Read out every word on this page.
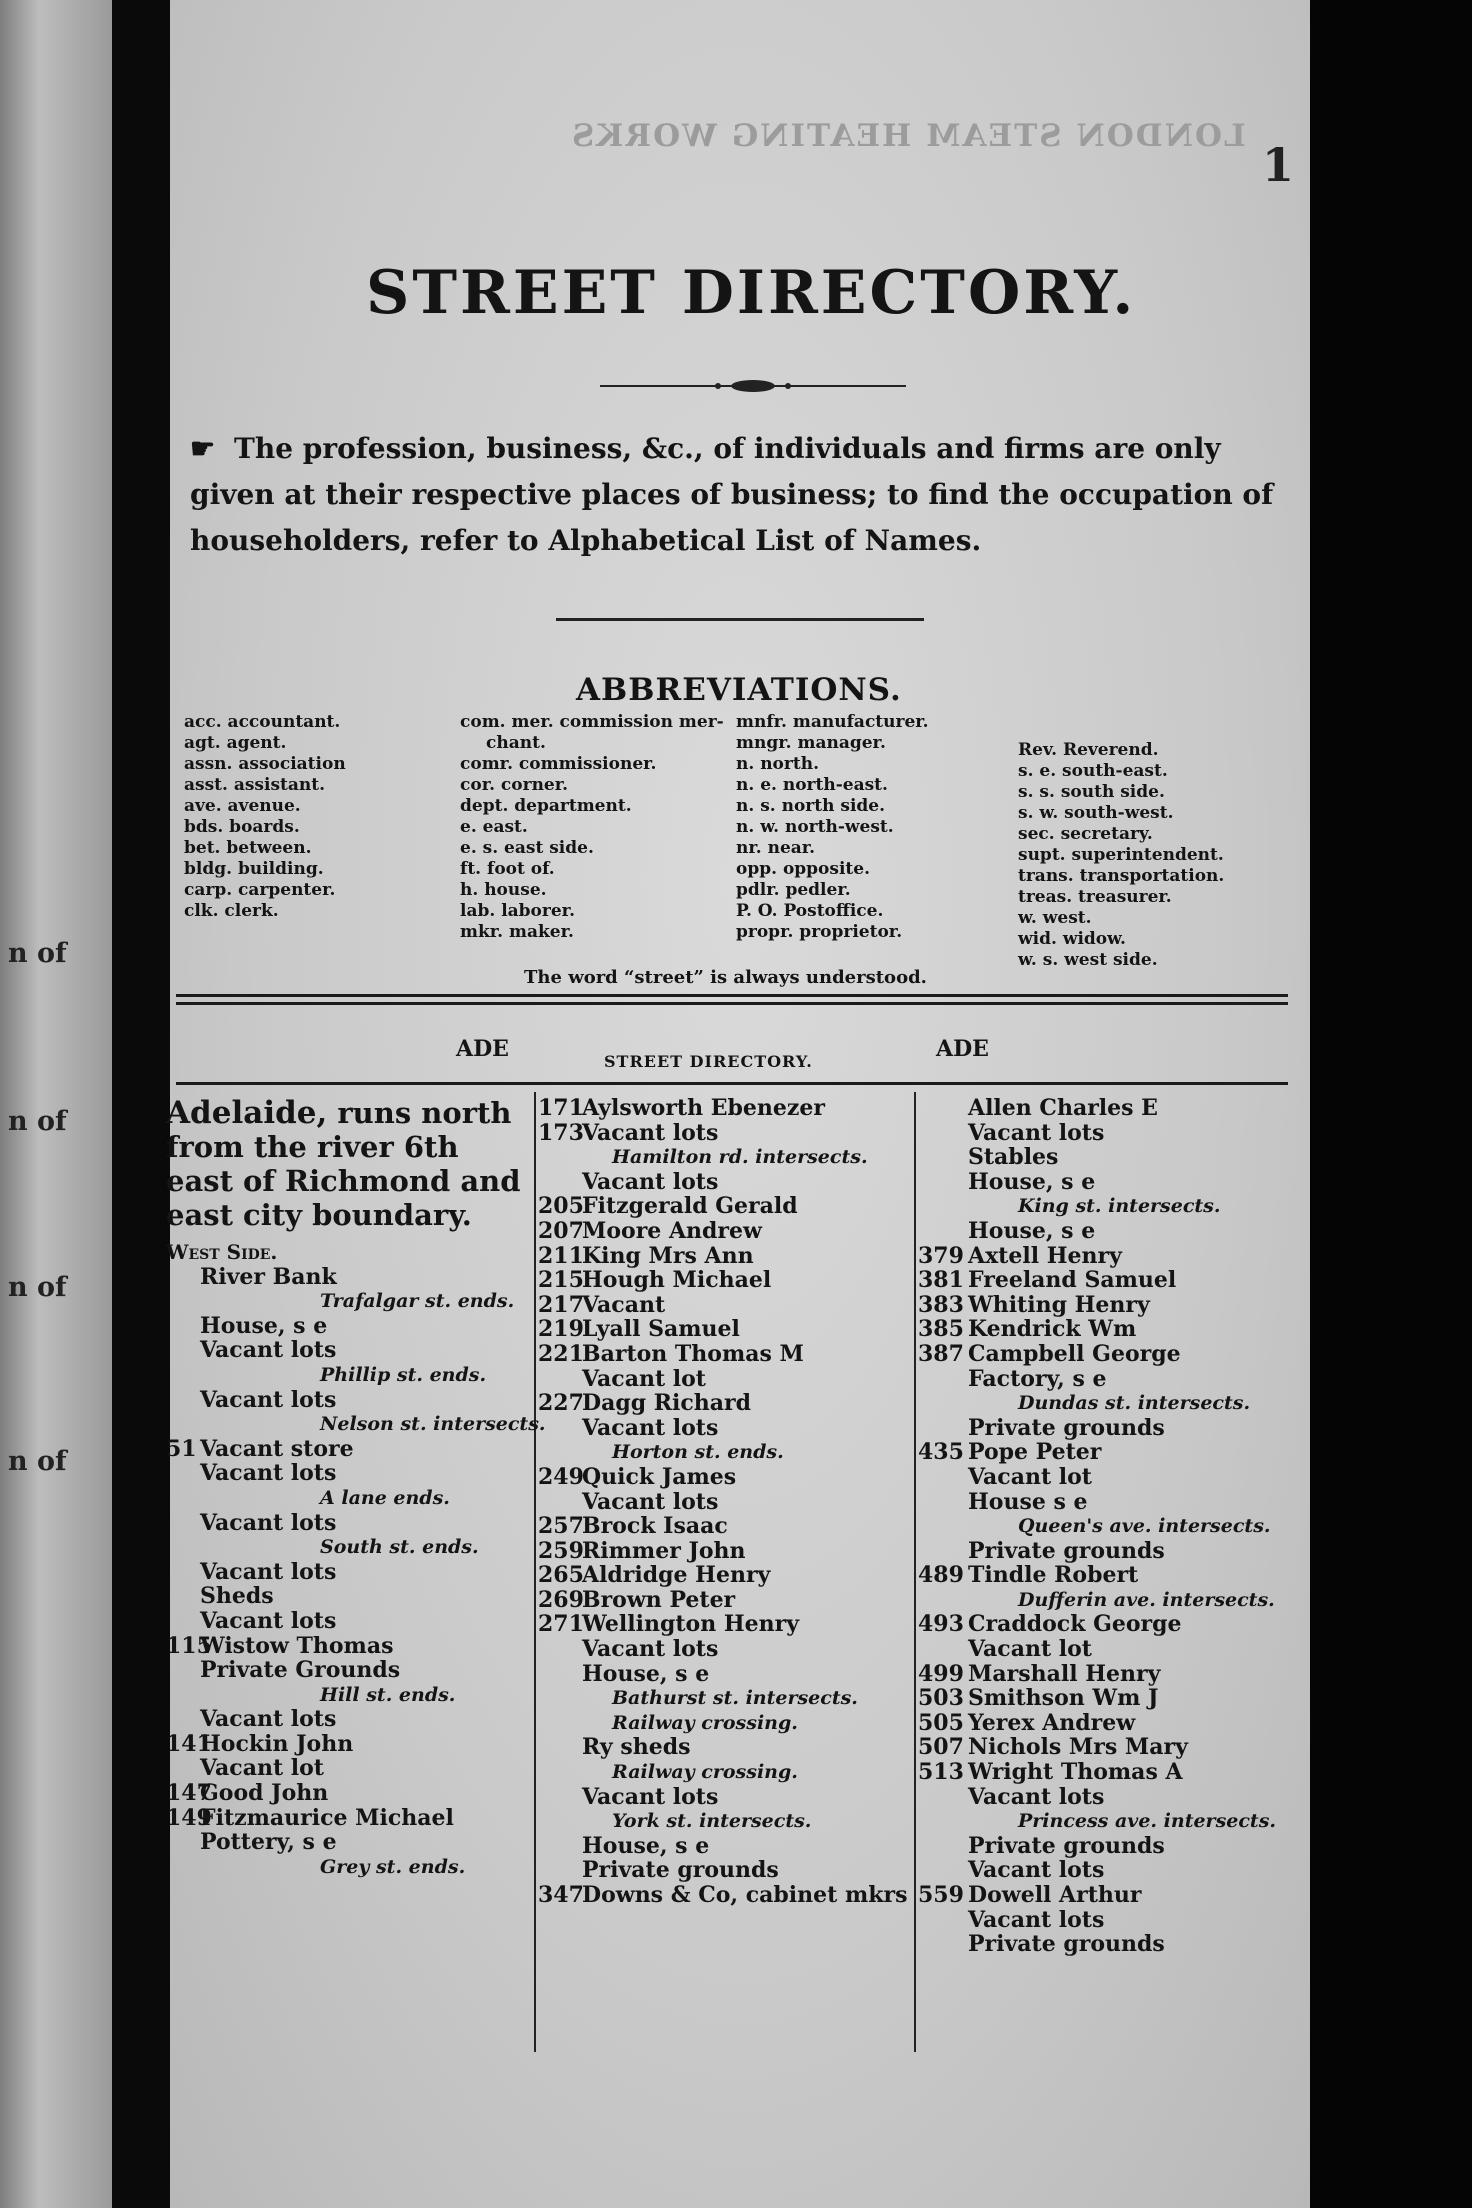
n of
n of
n of
n of
LONDON STEAM HEATING WORKS
1
STREET DIRECTORY.
☛ The profession, business, &c., of individuals and firms are only given at their respective places of business; to find the occupation of householders, refer to Alphabetical List of Names.
ABBREVIATIONS.
acc. accountant.
agt. agent.
assn. association
asst. assistant.
ave. avenue.
bds. boards.
bet. between.
bldg. building.
carp. carpenter.
clk. clerk.
com. mer. commission mer-
chant.
comr. commissioner.
cor. corner.
dept. department.
e. east.
e. s. east side.
ft. foot of.
h. house.
lab. laborer.
mkr. maker.
mnfr. manufacturer.
mngr. manager.
n. north.
n. e. north-east.
n. s. north side.
n. w. north-west.
nr. near.
opp. opposite.
pdlr. pedler.
P. O. Postoffice.
propr. proprietor.
Rev. Reverend.
s. e. south-east.
s. s. south side.
s. w. south-west.
sec. secretary.
supt. superintendent.
trans. transportation.
treas. treasurer.
w. west.
wid. widow.
w. s. west side.
The word “street” is always understood.
ADE	STREET DIRECTORY.	ADE
Adelaide, runs north from the river 6th east of Richmond and east city boundary.
West Side.
River Bank
Trafalgar st. ends.
House, s e
Vacant lots
Phillip st. ends.
Vacant lots
Nelson st. intersects.
51 Vacant store
Vacant lots
A lane ends.
Vacant lots
South st. ends.
Vacant lots
Sheds
Vacant lots
115
Wistow Thomas
Private Grounds
Hill st. ends.
Vacant lots
141
Hockin John
Vacant lot
147
Good John
149
Fitzmaurice Michael
Pottery, s e
Grey st. ends.
171
Aylsworth Ebenezer
173
Vacant lots
Hamilton rd. intersects.
Vacant lots
205
Fitzgerald Gerald
207
Moore Andrew
211
King Mrs Ann
215
Hough Michael
217
Vacant
219
Lyall Samuel
221
Barton Thomas M
Vacant lot
227
Dagg Richard
Vacant lots
Horton st. ends.
249
Quick James
Vacant lots
257
Brock Isaac
259
Rimmer John
265
Aldridge Henry
269
Brown Peter
271
Wellington Henry
Vacant lots
House, s e
Bathurst st. intersects.
Railway crossing.
Ry sheds
Railway crossing.
Vacant lots
York st. intersects.
House, s e
Private grounds
347
Downs & Co, cabinet mkrs
Allen Charles E
Vacant lots
Stables
House, s e
King st. intersects.
House, s e
379 Axtell Henry
381 Freeland Samuel
383 Whiting Henry
385 Kendrick Wm
387 Campbell George
Factory, s e
Dundas st. intersects.
Private grounds
435 Pope Peter
Vacant lot
House s e
Queen's ave. intersects.
Private grounds
489 Tindle Robert
Dufferin ave. intersects.
493 Craddock George
Vacant lot
499 Marshall Henry
503 Smithson Wm J
505 Yerex Andrew
507 Nichols Mrs Mary
513 Wright Thomas A
Vacant lots
Princess ave. intersects.
Private grounds
Vacant lots
559 Dowell Arthur
Vacant lots
Private grounds
